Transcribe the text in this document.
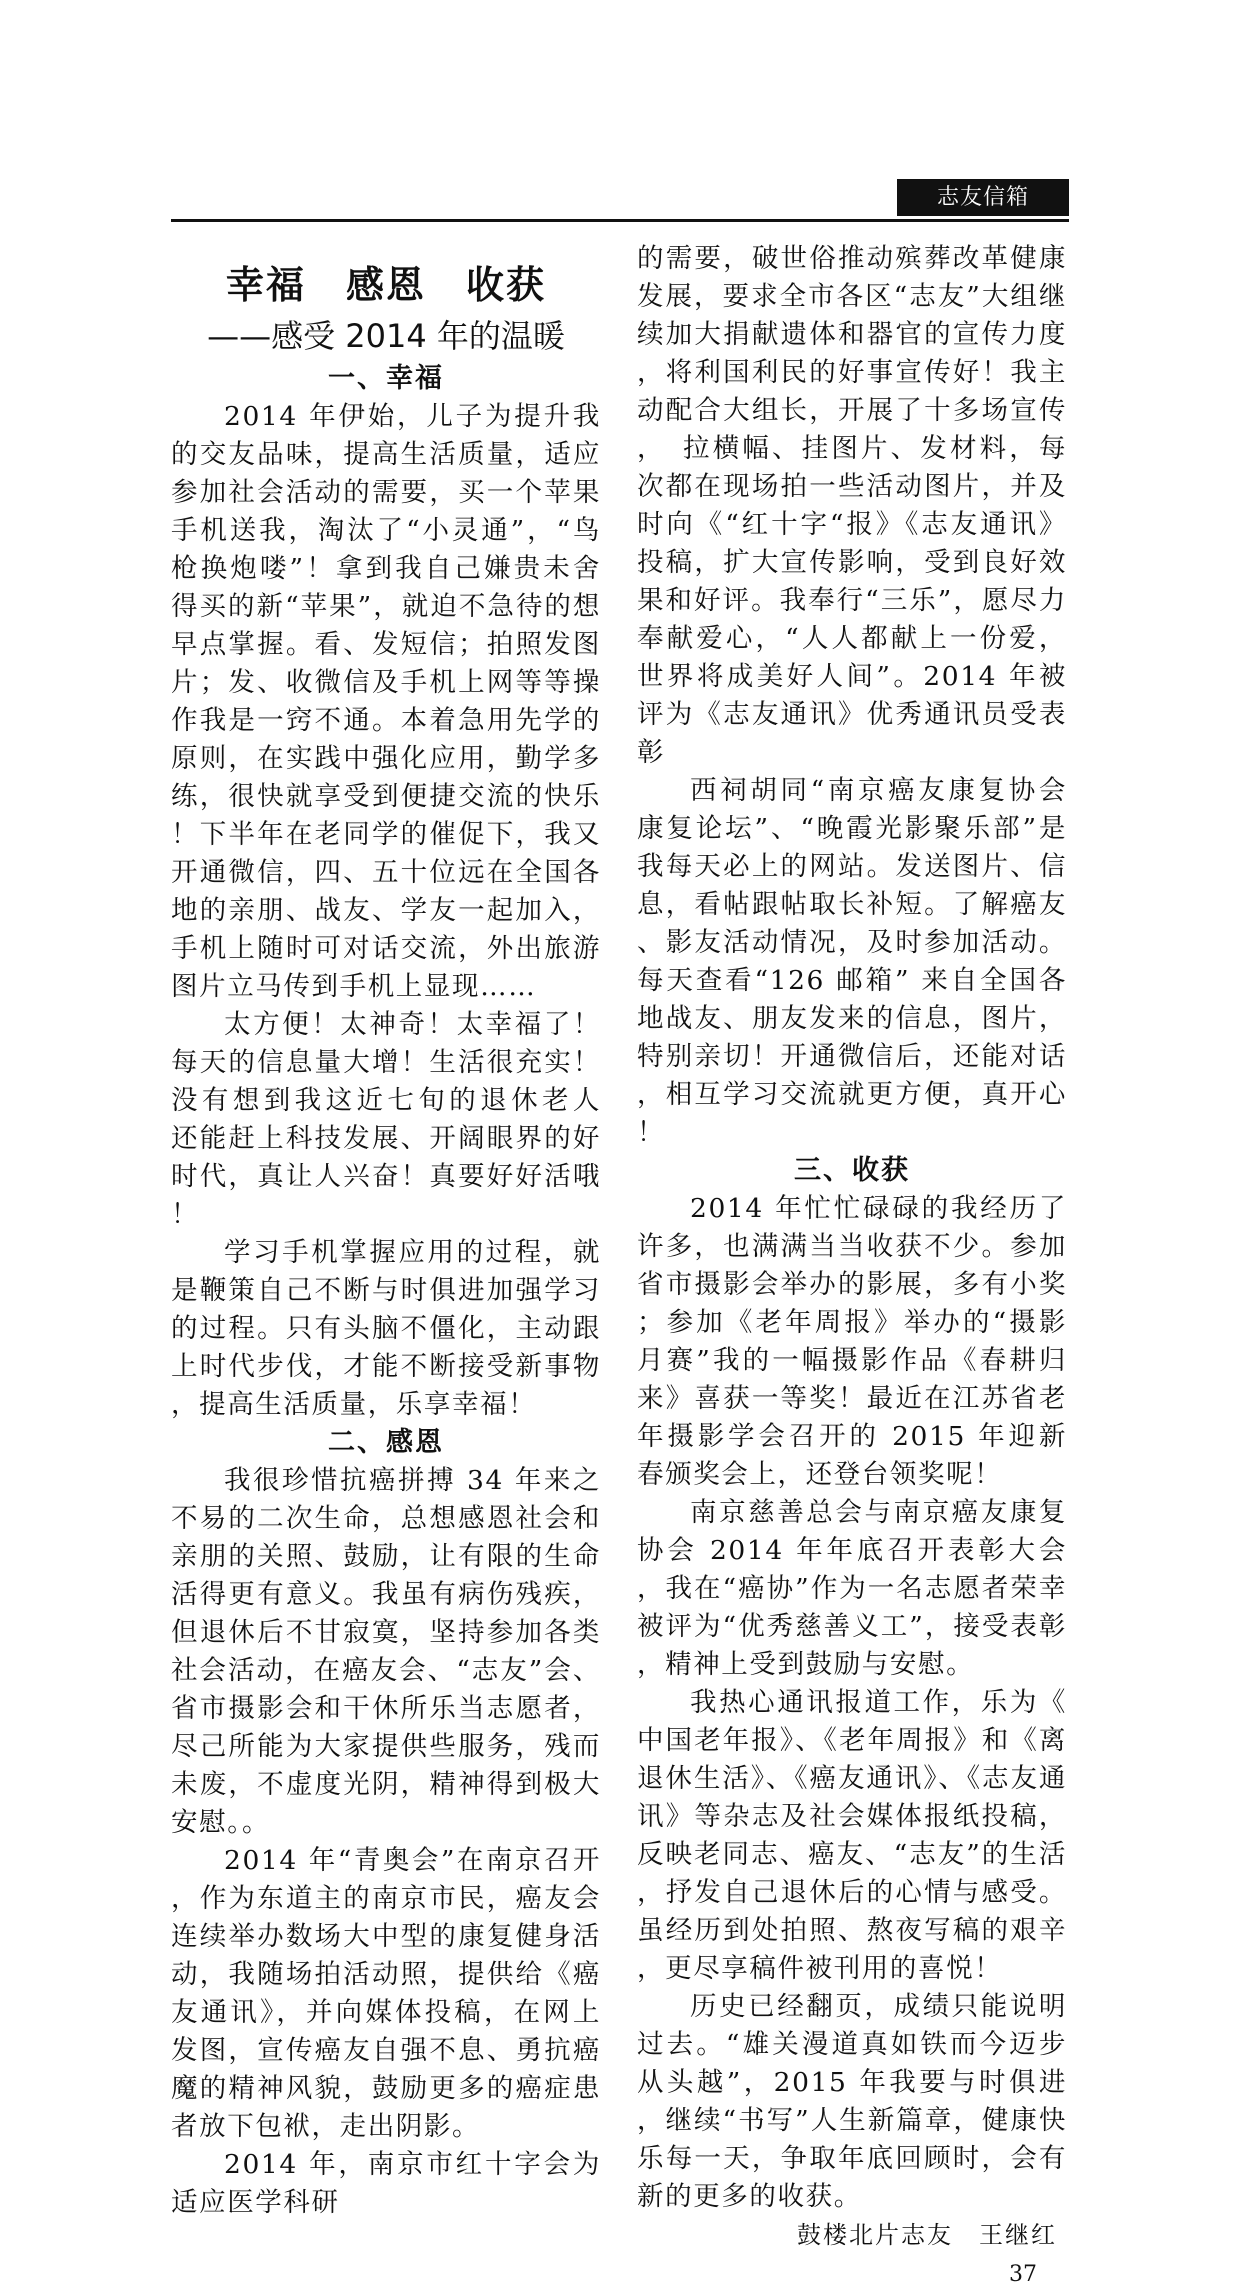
志友信箱
幸福　感恩　收获
——感受 2014 年的温暖
一、幸福

2014 年伊始，儿子为提升我的交友品味，提高生活质量，适应参加社会活动的需要，买一个苹果手机送我，淘汰了“小灵通”，“鸟枪换炮喽”！拿到我自己嫌贵未舍得买的新“苹果”，就迫不急待的想早点掌握。看、发短信；拍照发图片；发、收微信及手机上网等等操作我是一窍不通。本着急用先学的原则，在实践中强化应用，勤学多练，很快就享受到便捷交流的快乐！下半年在老同学的催促下，我又开通微信，四、五十位远在全国各地的亲朋、战友、学友一起加入，手机上随时可对话交流，外出旅游图片立马传到手机上显现……

太方便！太神奇！太幸福了！每天的信息量大增！生活很充实！没有想到我这近七旬的退休老人　还能赶上科技发展、开阔眼界的好时代，真让人兴奋！真要好好活哦！

学习手机掌握应用的过程，就是鞭策自己不断与时俱进加强学习的过程。只有头脑不僵化，主动跟上时代步伐，才能不断接受新事物，提高生活质量，乐享幸福！

二、感恩

我很珍惜抗癌拼搏 34 年来之不易的二次生命，总想感恩社会和亲朋的关照、鼓励，让有限的生命活得更有意义。我虽有病伤残疾，但退休后不甘寂寞，坚持参加各类社会活动，在癌友会、“志友”会、省市摄影会和干休所乐当志愿者，尽己所能为大家提供些服务，残而未废，不虚度光阴，精神得到极大安慰。。

2014 年“青奥会”在南京召开，作为东道主的南京市民，癌友会连续举办数场大中型的康复健身活动，我随场拍活动照，提供给《癌友通讯》，并向媒体投稿，在网上发图，宣传癌友自强不息、勇抗癌魔的精神风貌，鼓励更多的癌症患者放下包袱，走出阴影。

2014 年，南京市红十字会为适应医学科研

的需要，破世俗推动殡葬改革健康发展，要求全市各区“志友”大组继续加大捐献遗体和器官的宣传力度，将利国利民的好事宣传好！我主动配合大组长，开展了十多场宣传，　拉横幅、挂图片、发材料，每次都在现场拍一些活动图片，并及时向《“红十字“报》《志友通讯》投稿，扩大宣传影响，受到良好效果和好评。我奉行“三乐”，愿尽力奉献爱心，“人人都献上一份爱，世界将成美好人间”。2014 年被评为《志友通讯》优秀通讯员受表彰

西祠胡同“南京癌友康复协会康复论坛”、“晚霞光影聚乐部”是我每天必上的网站。发送图片、信息，看帖跟帖取长补短。了解癌友、影友活动情况，及时参加活动。每天查看“126 邮箱” 来自全国各地战友、朋友发来的信息，图片，特别亲切！开通微信后，还能对话，相互学习交流就更方便，真开心！

三、收获

2014 年忙忙碌碌的我经历了许多，也满满当当收获不少。参加省市摄影会举办的影展，多有小奖；参加《老年周报》举办的“摄影月赛”我的一幅摄影作品《春耕归来》喜获一等奖！最近在江苏省老年摄影学会召开的 2015 年迎新春颁奖会上，还登台领奖呢！

南京慈善总会与南京癌友康复协会 2014 年年底召开表彰大会，我在“癌协”作为一名志愿者荣幸被评为“优秀慈善义工”，接受表彰，精神上受到鼓励与安慰。

我热心通讯报道工作，乐为《中国老年报》、《老年周报》和《离退休生活》、《癌友通讯》、《志友通讯》等杂志及社会媒体报纸投稿，反映老同志、癌友、“志友”的生活，抒发自己退休后的心情与感受。虽经历到处拍照、熬夜写稿的艰辛，更尽享稿件被刊用的喜悦！

历史已经翻页，成绩只能说明过去。“雄关漫道真如铁而今迈步从头越”，2015 年我要与时俱进，继续“书写”人生新篇章，健康快乐每一天，争取年底回顾时，会有新的更多的收获。

鼓楼北片志友　王继红
37
